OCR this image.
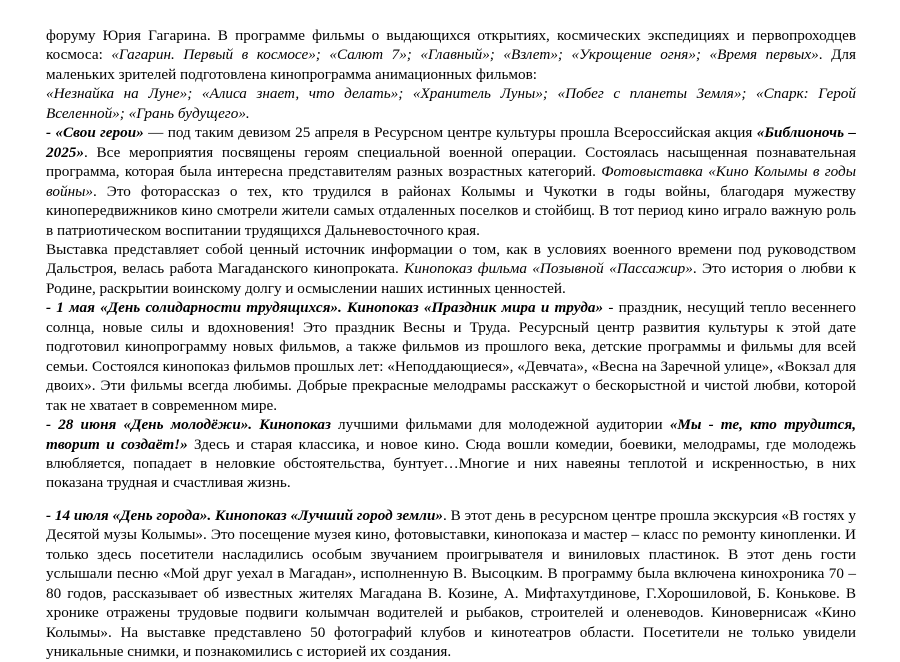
форуму Юрия Гагарина. В программе фильмы о выдающихся открытиях, космических экспедициях и первопроходцев космоса: «Гагарин. Первый в космосе»; «Салют 7»; «Главный»; «Взлет»; «Укрощение огня»; «Время первых». Для маленьких зрителей подготовлена кинопрограмма анимационных фильмов:

«Незнайка на Луне»; «Алиса знает, что делать»; «Хранитель Луны»; «Побег с планеты Земля»; «Спарк: Герой Вселенной»; «Грань будущего».

- «Свои герои» — под таким девизом 25 апреля в Ресурсном центре культуры прошла Всероссийская акция «Библионочь – 2025». Все мероприятия посвящены героям специальной военной операции. Состоялась насыщенная познавательная программа, которая была интересна представителям разных возрастных категорий. Фотовыставка «Кино Колымы в годы войны». Это фоторассказ о тех, кто трудился в районах Колымы и Чукотки в годы войны, благодаря мужеству кинопередвижников кино смотрели жители самых отдаленных поселков и стойбищ. В тот период кино играло важную роль в патриотическом воспитании трудящихся Дальневосточного края.

Выставка представляет собой ценный источник информации о том, как в условиях военного времени под руководством Дальстроя, велась работа Магаданского кинопроката. Кинопоказ фильма «Позывной «Пассажир». Это история о любви к Родине, раскрытии воинскому долгу и осмыслении наших истинных ценностей.

- 1 мая «День солидарности трудящихся». Кинопоказ «Праздник мира и труда» - праздник, несущий тепло весеннего солнца, новые силы и вдохновения! Это праздник Весны и Труда. Ресурсный центр развития культуры к этой дате подготовил кинопрограмму новых фильмов, а также фильмов из прошлого века, детские программы и фильмы для всей семьи. Состоялся кинопоказ фильмов прошлых лет: «Неподдающиеся», «Девчата», «Весна на Заречной улице», «Вокзал для двоих». Эти фильмы всегда любимы. Добрые прекрасные мелодрамы расскажут о бескорыстной и чистой любви, которой так не хватает в современном мире.

- 28 июня «День молодёжи». Кинопоказ лучшими фильмами для молодежной аудитории «Мы - те, кто трудится, творит и создаёт!» Здесь и старая классика, и новое кино. Сюда вошли комедии, боевики, мелодрамы, где молодежь влюбляется, попадает в неловкие обстоятельства, бунтует…Многие и них навеяны теплотой и искренностью, в них показана трудная и счастливая жизнь.

- 14 июля «День города». Кинопоказ «Лучший город земли». В этот день в ресурсном центре прошла экскурсия «В гостях у Десятой музы Колымы». Это посещение музея кино, фотовыставки, кинопоказа и мастер – класс по ремонту кинопленки. И только здесь посетители насладились особым звучанием проигрывателя и виниловых пластинок. В этот день гости услышали песню «Мой друг уехал в Магадан», исполненную В. Высоцким. В программу была включена кинохроника 70 – 80 годов, рассказывает об известных жителях Магадана В. Козине, А. Мифтахутдинове, Г.Хорошиловой, Б. Конькове. В хронике отражены трудовые подвиги колымчан водителей и рыбаков, строителей и оленеводов. Киновернисаж «Кино Колымы». На выставке представлено 50 фотографий клубов и кинотеатров области. Посетители не только увидели уникальные снимки, и познакомились с историей их создания.
